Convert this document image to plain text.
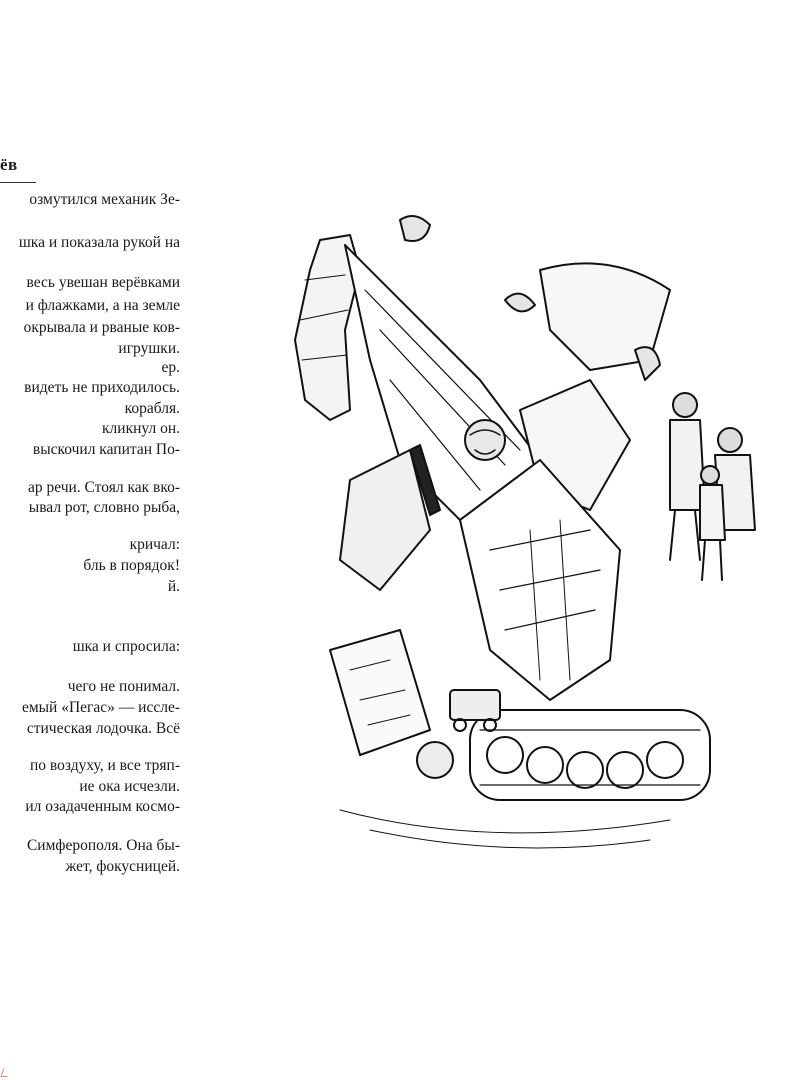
ёв
озмутился механик Зе-
шка и показала рукой на
весь увешан верёвками
и флажками, а на земле
окрывала и рваные ков-
игрушки.
ер.
видеть не приходилось.
корабля.
кликнул он.
выскочил капитан По-
ар речи. Стоял как вко-
ывал рот, словно рыба,
кричал:
бль в порядок!
й.
шка и спросила:
чего не понимал.
емый «Пегас» — иссле-
стическая лодочка. Всё
по воздуху, и все тряп-
ие ока исчезли.
ил озадаченным космо-
Симферополя. Она бы-
жет, фокусницей.
